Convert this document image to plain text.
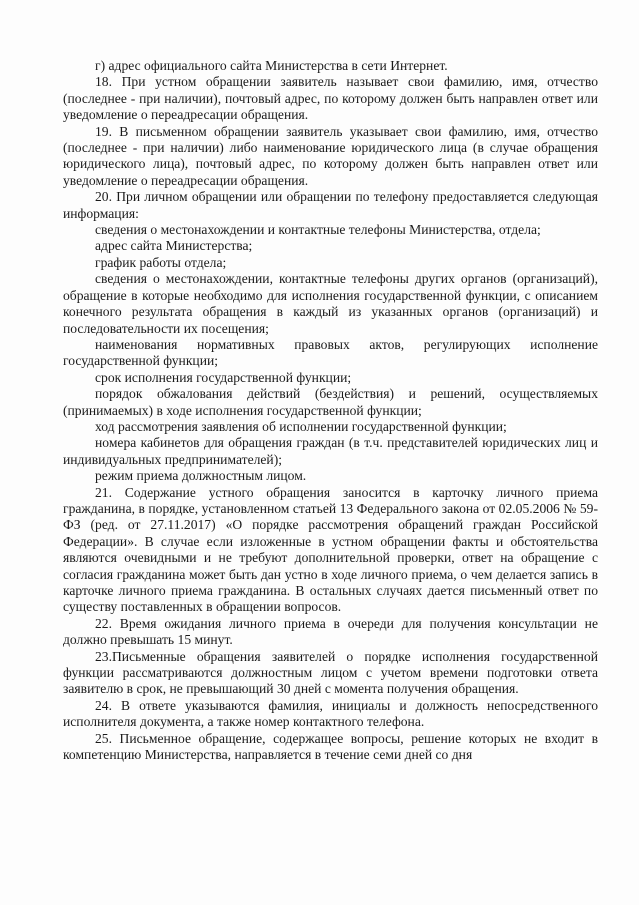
г) адрес официального сайта Министерства в сети Интернет.

18. При устном обращении заявитель называет свои фамилию, имя, отчество (последнее - при наличии), почтовый адрес, по которому должен быть направлен ответ или уведомление о переадресации обращения.

19. В письменном обращении заявитель указывает свои фамилию, имя, отчество (последнее - при наличии) либо наименование юридического лица (в случае обращения юридического лица), почтовый адрес, по которому должен быть направлен ответ или уведомление о переадресации обращения.

20. При личном обращении или обращении по телефону предоставляется следующая информация:

сведения о местонахождении и контактные телефоны Министерства, отдела;

адрес сайта Министерства;

график работы отдела;

сведения о местонахождении, контактные телефоны других органов (организаций), обращение в которые необходимо для исполнения государственной функции, с описанием конечного результата обращения в каждый из указанных органов (организаций) и последовательности их посещения;

наименования нормативных правовых актов, регулирующих исполнение государственной функции;

срок исполнения государственной функции;

порядок обжалования действий (бездействия) и решений, осуществляемых (принимаемых) в ходе исполнения государственной функции;

ход рассмотрения заявления об исполнении государственной функции;

номера кабинетов для обращения граждан (в т.ч. представителей юридических лиц и индивидуальных предпринимателей);

режим приема должностным лицом.

21. Содержание устного обращения заносится в карточку личного приема гражданина, в порядке, установленном статьей 13 Федерального закона от 02.05.2006 № 59-ФЗ (ред. от 27.11.2017) «О порядке рассмотрения обращений граждан Российской Федерации». В случае если изложенные в устном обращении факты и обстоятельства являются очевидными и не требуют дополнительной проверки, ответ на обращение с согласия гражданина может быть дан устно в ходе личного приема, о чем делается запись в карточке личного приема гражданина. В остальных случаях дается письменный ответ по существу поставленных в обращении вопросов.

22. Время ожидания личного приема в очереди для получения консультации не должно превышать 15 минут.

23.Письменные обращения заявителей о порядке исполнения государственной функции рассматриваются должностным лицом с учетом времени подготовки ответа заявителю в срок, не превышающий 30 дней с момента получения обращения.

24. В ответе указываются фамилия, инициалы и должность непосредственного исполнителя документа, а также номер контактного телефона.

25. Письменное обращение, содержащее вопросы, решение которых не входит в компетенцию Министерства, направляется в течение семи дней со дня
